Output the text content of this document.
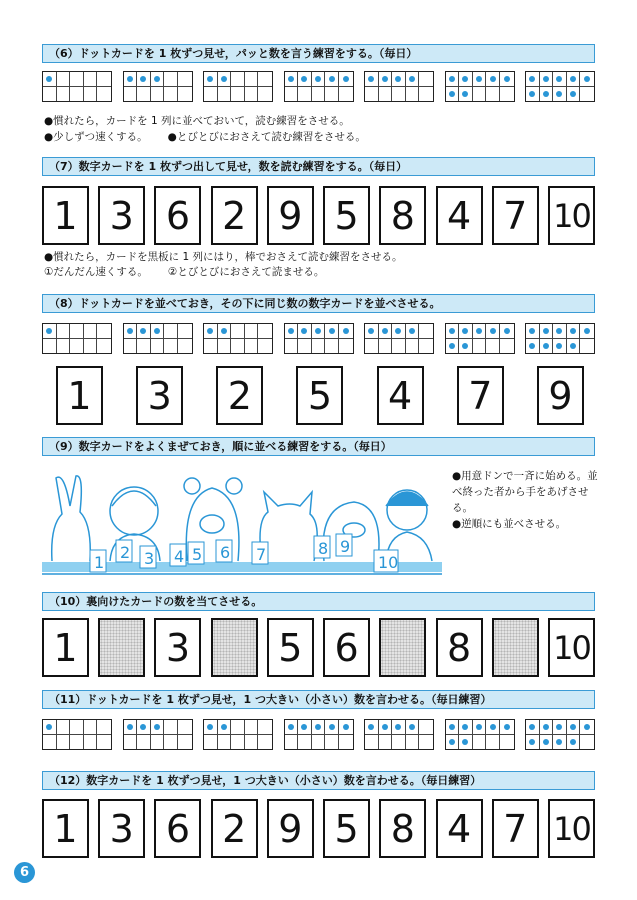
（6）ドットカードを 1 枚ずつ見せ，パッと数を言う練習をする。（毎日）
●慣れたら，カードを 1 列に並べておいて，読む練習をさせる。
●少しずつ速くする。 ●とびとびにおさえて読む練習をさせる。
（7）数字カードを 1 枚ずつ出して見せ，数を読む練習をする。（毎日）
1 3 6 2 9 5 8 4 7 10
●慣れたら，カードを黒板に 1 列にはり，棒でおさえて読む練習をさせる。
①だんだん速くする。 ②とびとびにおさえて読ませる。
（8）ドットカードを並べておき，その下に同じ数の数字カードを並べさせる。
1	3	2	5	4	7	9
（9）数字カードをよくまぜておき，順に並べる練習をする。（毎日）
1
2 3 4 5 6 7	8 9
10
●用意ドンで一斉に始める。並べ終った者から手をあげさせる。
●逆順にも並べさせる。
（10）裏向けたカードの数を当てさせる。
1	3	5 6	8	10
（11）ドットカードを 1 枚ずつ見せ，1 つ大きい（小さい）数を言わせる。（毎日練習）
（12）数字カードを 1 枚ずつ見せ，1 つ大きい（小さい）数を言わせる。（毎日練習）
1 3 6 2 9 5 8 4 7 10
6
